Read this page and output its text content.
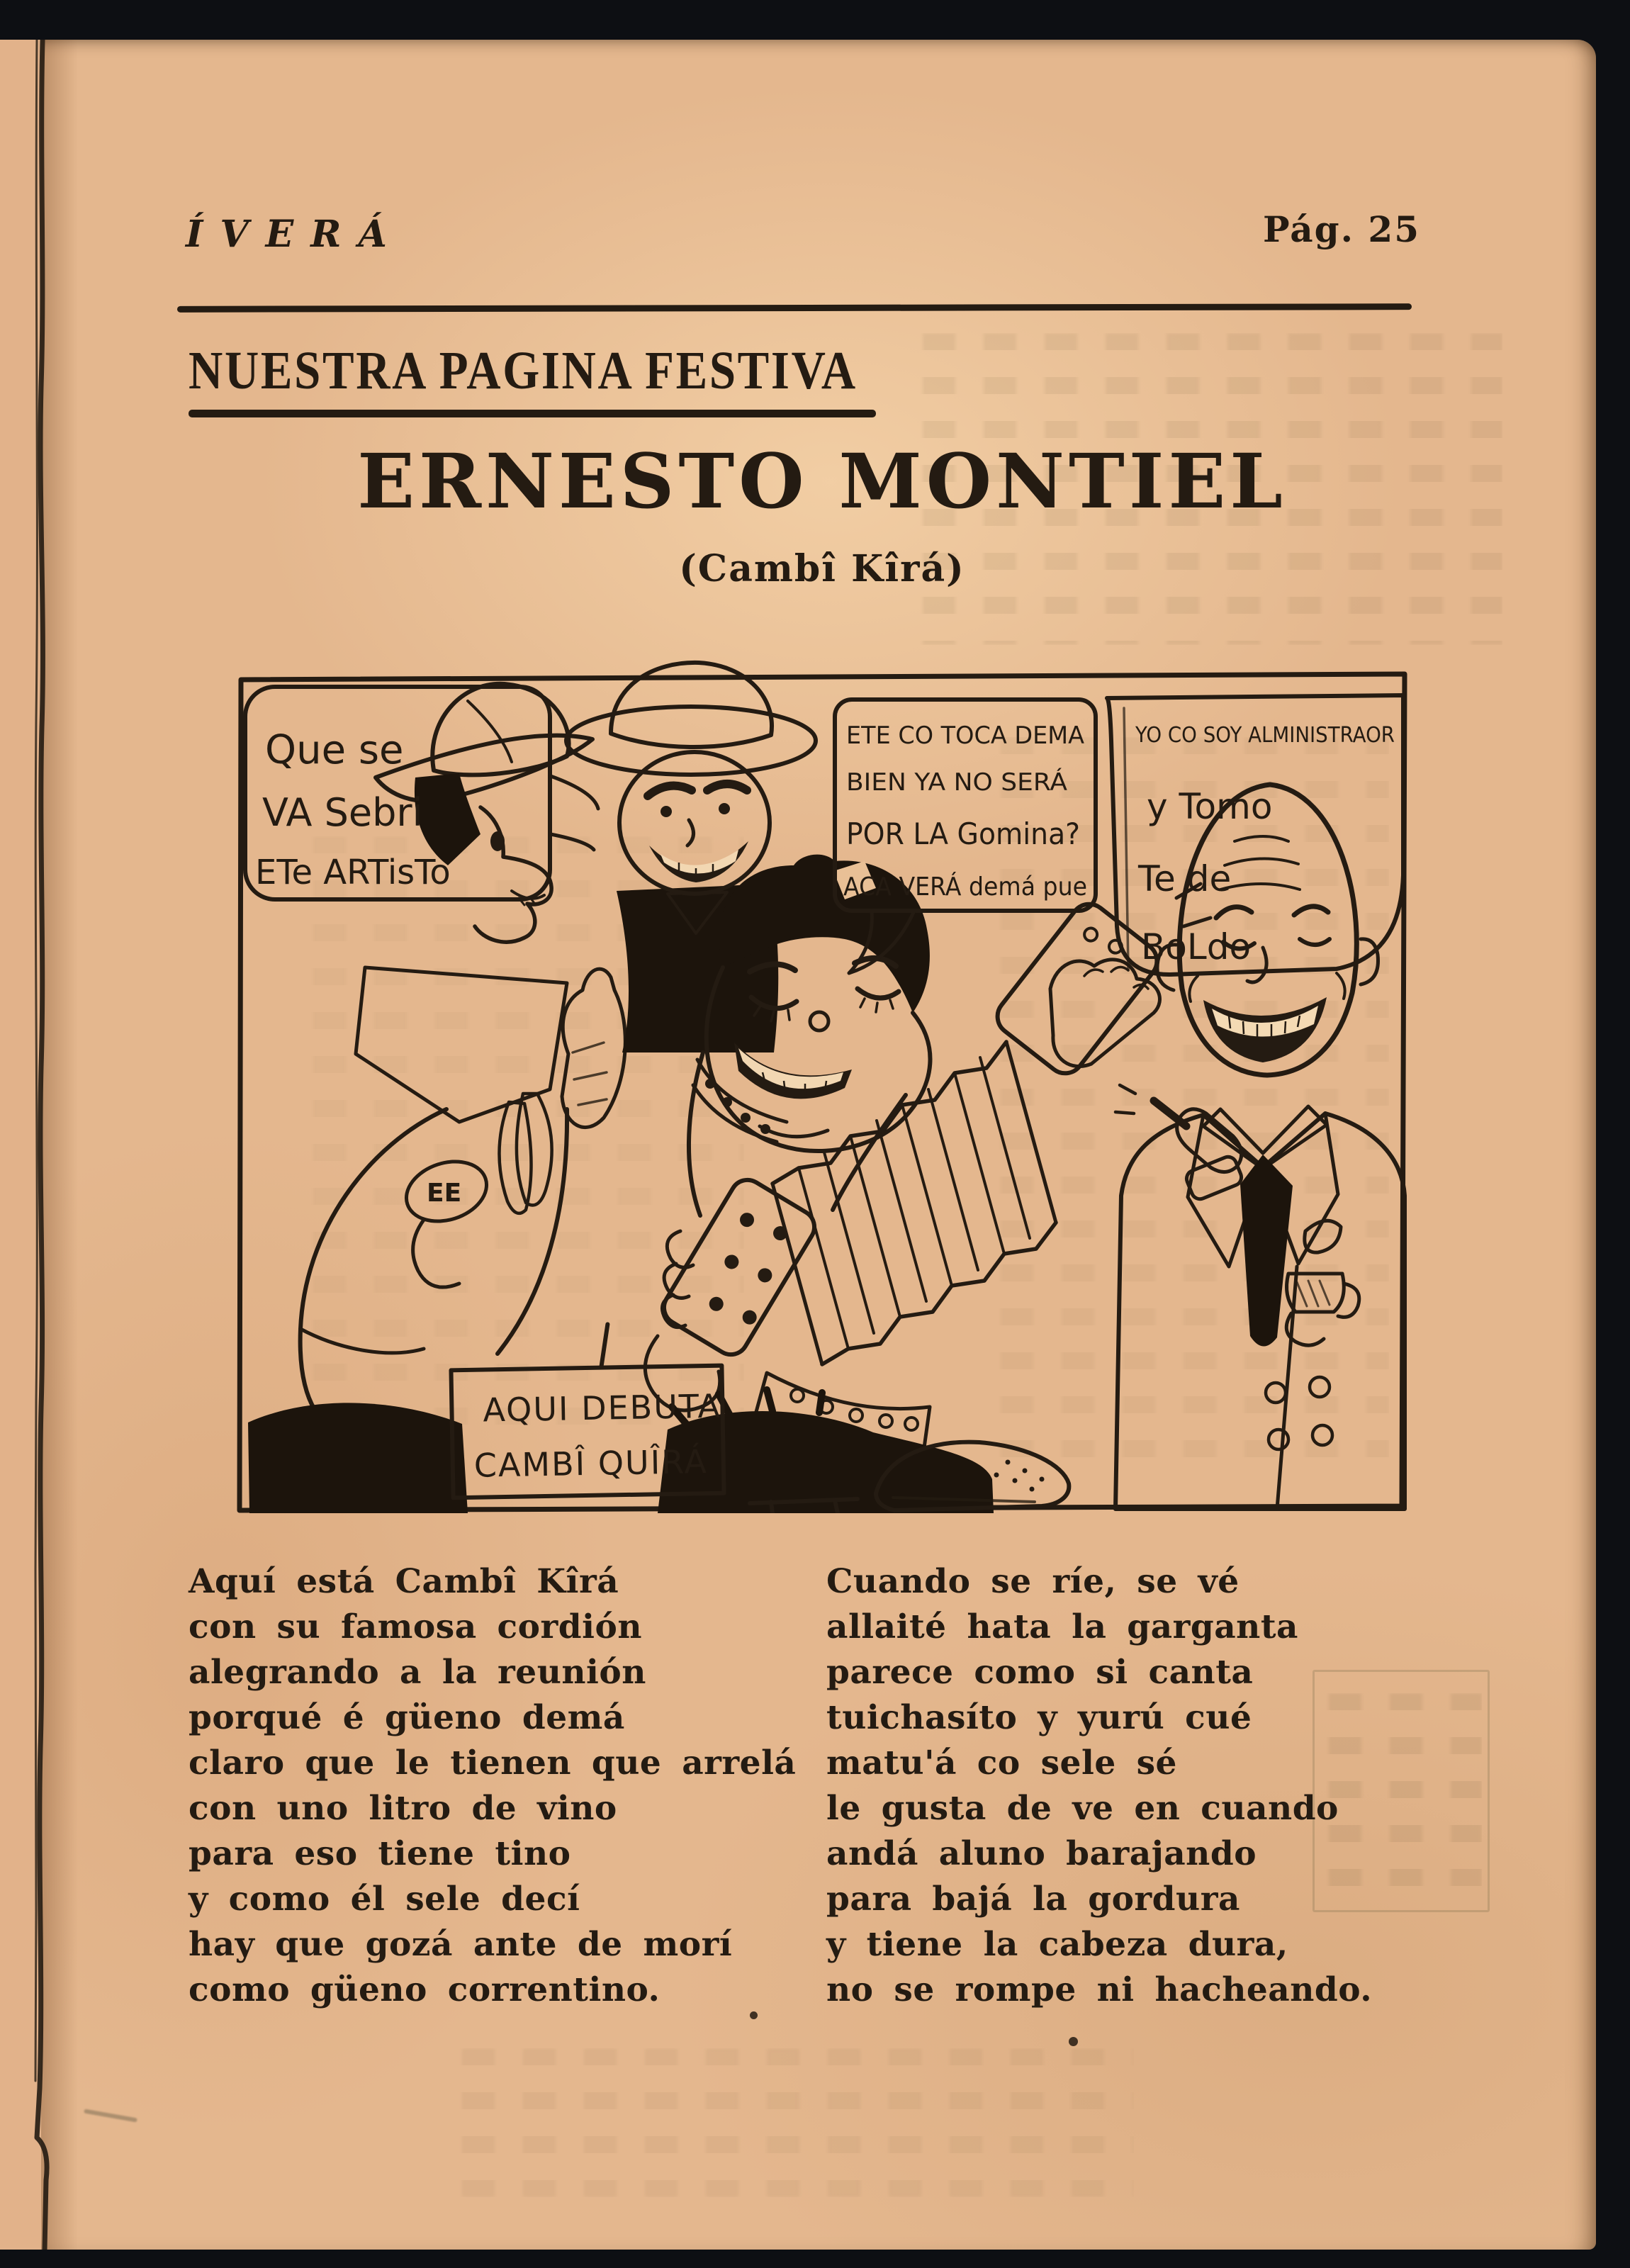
ÍVERÁ	Pág. 25
NUESTRA PAGINA FESTIVA
ERNESTO MONTIEL
(Cambî Kîrá)
EE
Que se
VA Sebri
ETe ARTisTo
ETE CO TOCA DEMA
BIEN YA NO SERÁ
POR LA Gomina?
ACA VERÁ demá pue
YO CO SOY ALMINISTRAOR
y Tomo
Te de
BoLdo
AQUI DEBUTA
CAMBÎ QUÎRÁ
Aquí está Cambî Kîrá
con su famosa cordión
alegrando a la reunión
porqué é güeno demá
claro que le tienen que arrelá
con uno litro de vino
para eso tiene tino
y como él sele decí
hay que gozá ante de morí
como güeno correntino.
Cuando se ríe, se vé
allaité hata la garganta
parece como si canta
tuichasíto y yurú cué
matu'á co sele sé
le gusta de ve en cuando
andá aluno barajando
para bajá la gordura
y tiene la cabeza dura,
no se rompe ni hacheando.
